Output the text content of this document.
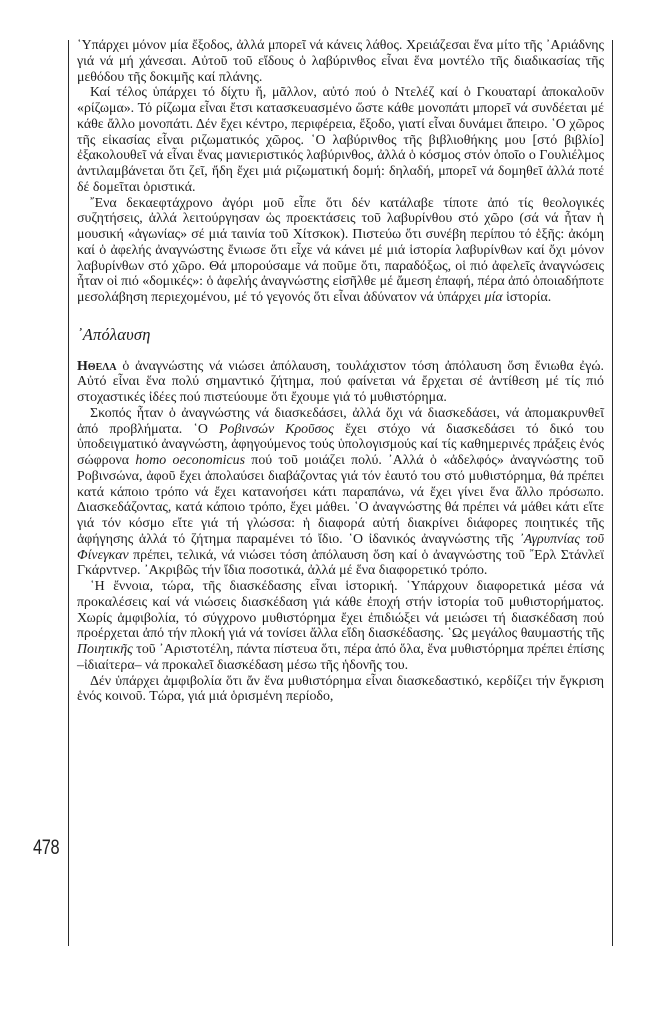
478

῾Υπάρχει μόνον μία ἔξοδος, ἀλλά μπορεῖ νά κάνεις λάθος. Χρειάζεσαι ἕνα μίτο τῆς ᾿Αριάδνης γιά νά μή χάνεσαι. Αὐτοῦ τοῦ εἴδους ὁ λαβύρινθος εἶναι ἕνα μοντέλο τῆς διαδικασίας τῆς μεθόδου τῆς δοκιμῆς καί πλάνης.

Καί τέλος ὑπάρχει τό δίχτυ ἤ, μᾶλλον, αὐτό πού ὁ Ντελέζ καί ὁ Γκουαταρί ἀποκαλοῦν «ρίζωμα». Τό ρίζωμα εἶναι ἔτσι κατασκευασμένο ὥστε κάθε μονοπάτι μπορεῖ νά συνδέεται μέ κάθε ἄλλο μονοπάτι. Δέν ἔχει κέντρο, περιφέρεια, ἔξοδο, γιατί εἶναι δυνάμει ἄπειρο. ῾Ο χῶρος τῆς εἰκασίας εἶναι ριζωματικός χῶρος. ῾Ο λαβύρινθος τῆς βιβλιοθήκης μου [στό βιβλίο] ἐξακολουθεῖ νά εἶναι ἕνας μανιεριστικός λαβύρινθος, ἀλλά ὁ κόσμος στόν ὁποῖο ο Γουλιέλμος ἀντιλαμβάνεται ὅτι ζεῖ, ἤδη ἔχει μιά ριζωματική δομή: δηλαδή, μπορεῖ νά δομηθεῖ ἀλλά ποτέ δέ δομεῖται ὁριστικά.

῎Ενα δεκαεφτάχρονο ἀγόρι μοῦ εἶπε ὅτι δέν κατάλαβε τίποτε ἀπό τίς θεολογικές συζητήσεις, ἀλλά λειτούργησαν ὡς προεκτάσεις τοῦ λαβυρίνθου στό χῶρο (σά νά ἦταν ἡ μουσική «ἀγωνίας» σέ μιά ταινία τοῦ Χίτσκοκ). Πιστεύω ὅτι συνέβη περίπου τό ἑξῆς: ἀκόμη καί ὁ ἀφελής ἀναγνώστης ἔνιωσε ὅτι εἶχε νά κάνει μέ μιά ἱστορία λαβυρίνθων καί ὄχι μόνον λαβυρίνθων στό χῶρο. Θά μπορούσαμε νά ποῦμε ὅτι, παραδόξως, οἱ πιό ἀφελεῖς ἀναγνώσεις ἦταν οἱ πιό «δομικές»: ὁ ἀφελής ἀναγνώστης εἰσῆλθε μέ ἄμεση ἐπαφή, πέρα ἀπό ὁποιαδήποτε μεσολάβηση περιεχομένου, μέ τό γεγονός ὅτι εἶναι ἀδύνατον νά ὑπάρχει μία ἱστορία.

᾿Απόλαυση

Ηθελα ὁ ἀναγνώστης νά νιώσει ἀπόλαυση, τουλάχιστον τόση ἀπόλαυση ὅση ἔνιωθα ἐγώ. Αὐτό εἶναι ἕνα πολύ σημαντικό ζήτημα, πού φαίνεται νά ἔρχεται σέ ἀντίθεση μέ τίς πιό στοχαστικές ἰδέες πού πιστεύουμε ὅτι ἔχουμε γιά τό μυθιστόρημα.

Σκοπός ἦταν ὁ ἀναγνώστης νά διασκεδάσει, ἀλλά ὄχι νά διασκεδάσει, νά ἀπομακρυνθεῖ ἀπό προβλήματα. ῾Ο Ροβινσών Κροῦσος ἔχει στόχο νά διασκεδάσει τό δικό του ὑποδειγματικό ἀναγνώστη, ἀφηγούμενος τούς ὑπολογισμούς καί τίς καθημερινές πράξεις ἑνός σώφρονα homo oeconomicus πού τοῦ μοιάζει πολύ. ᾿Αλλά ὁ «ἀδελφός» ἀναγνώστης τοῦ Ροβινσώνα, ἀφοῦ ἔχει ἀπολαύσει διαβάζοντας γιά τόν ἑαυτό του στό μυθιστόρημα, θά πρέπει κατά κάποιο τρόπο νά ἔχει κατανοήσει κάτι παραπάνω, νά ἔχει γίνει ἕνα ἄλλο πρόσωπο. Διασκεδάζοντας, κατά κάποιο τρόπο, ἔχει μάθει. ῾Ο ἀναγνώστης θά πρέπει νά μάθει κάτι εἴτε γιά τόν κόσμο εἴτε γιά τή γλώσσα: ἡ διαφορά αὐτή διακρίνει διάφορες ποιητικές τῆς ἀφήγησης ἀλλά τό ζήτημα παραμένει τό ἴδιο. ῾Ο ἰδανικός ἀναγνώστης τῆς ᾿Αγρυπνίας τοῦ Φίνεγκαν πρέπει, τελικά, νά νιώσει τόση ἀπόλαυση ὅση καί ὁ ἀναγνώστης τοῦ ῎Ερλ Στάνλεϊ Γκάρντνερ. ᾿Ακριβῶς τήν ἴδια ποσοτικά, ἀλλά μέ ἕνα διαφορετικό τρόπο.

῾Η ἔννοια, τώρα, τῆς διασκέδασης εἶναι ἱστορική. ῾Υπάρχουν διαφορετικά μέσα νά προκαλέσεις καί νά νιώσεις διασκέδαση γιά κάθε ἐποχή στήν ἱστορία τοῦ μυθιστορήματος. Χωρίς ἀμφιβολία, τό σύγχρονο μυθιστόρημα ἔχει ἐπιδιώξει νά μειώσει τή διασκέδαση πού προέρχεται ἀπό τήν πλοκή γιά νά τονίσει ἄλλα εἴδη διασκέδασης. ῾Ως μεγάλος θαυμαστής τῆς Ποιητικῆς τοῦ ᾿Αριστοτέλη, πάντα πίστευα ὅτι, πέρα ἀπό ὅλα, ἕνα μυθιστόρημα πρέπει ἐπίσης –ἰδιαίτερα– νά προκαλεῖ διασκέδαση μέσω τῆς ἡδονῆς του.

Δέν ὑπάρχει ἀμφιβολία ὅτι ἄν ἕνα μυθιστόρημα εἶναι διασκεδαστικό, κερδίζει τήν ἔγκριση ἑνός κοινοῦ. Τώρα, γιά μιά ὁρισμένη περίοδο,
